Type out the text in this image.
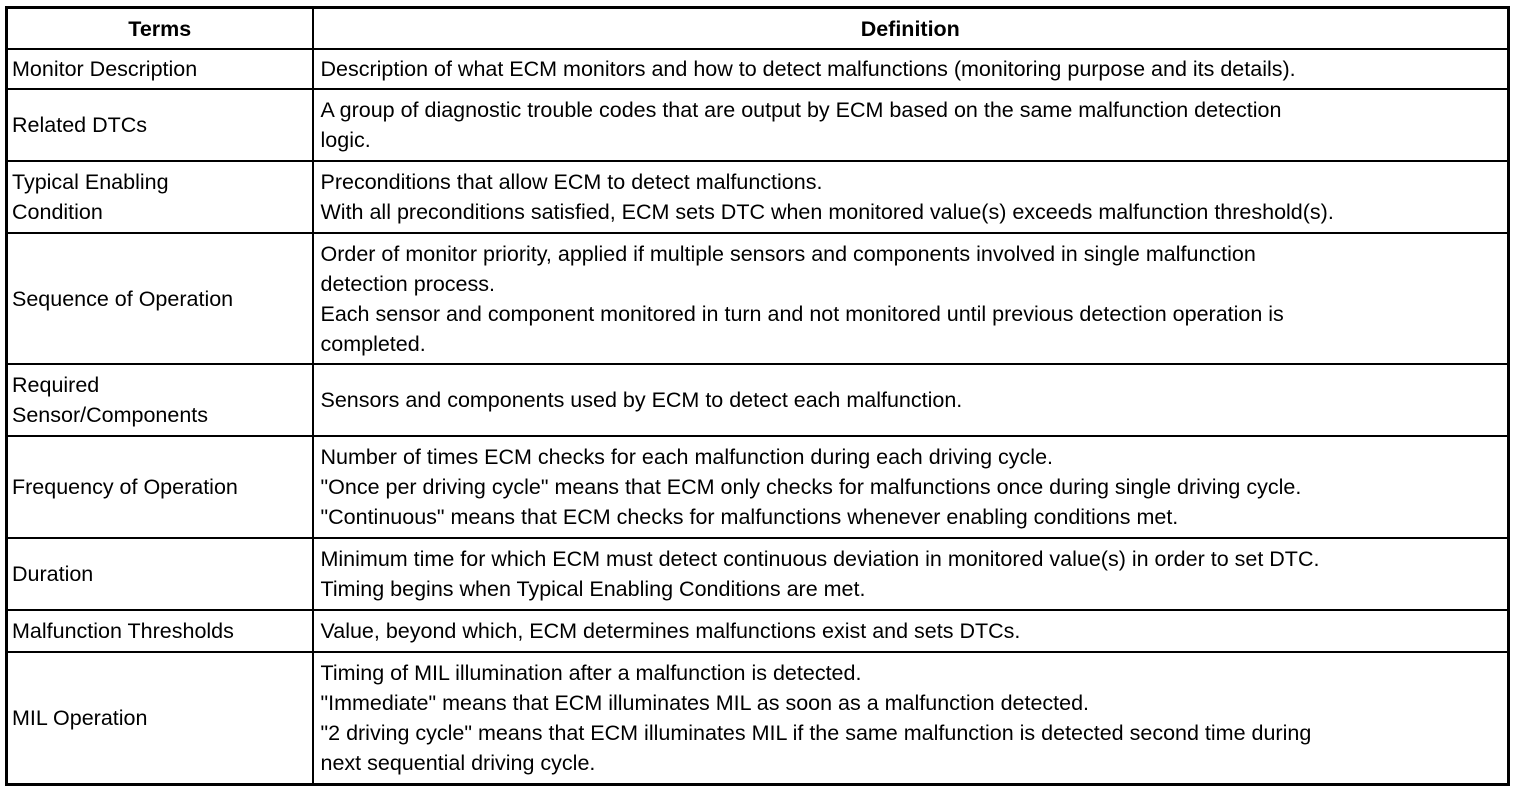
Terms	Definition

Monitor Description	Description of what ECM monitors and how to detect malfunctions (monitoring purpose and its details).

Related DTCs	A group of diagnostic trouble codes that are output by ECM based on the same malfunction detection
logic.

Typical Enabling
Condition	Preconditions that allow ECM to detect malfunctions.
With all preconditions satisfied, ECM sets DTC when monitored value(s) exceeds malfunction threshold(s).

Sequence of Operation	Order of monitor priority, applied if multiple sensors and components involved in single malfunction
detection process.
Each sensor and component monitored in turn and not monitored until previous detection operation is
completed.

Required
Sensor/Components	Sensors and components used by ECM to detect each malfunction.

Frequency of Operation	Number of times ECM checks for each malfunction during each driving cycle.
"Once per driving cycle" means that ECM only checks for malfunctions once during single driving cycle.
"Continuous" means that ECM checks for malfunctions whenever enabling conditions met.

Duration	Minimum time for which ECM must detect continuous deviation in monitored value(s) in order to set DTC.
Timing begins when Typical Enabling Conditions are met.

Malfunction Thresholds	Value, beyond which, ECM determines malfunctions exist and sets DTCs.

MIL Operation	Timing of MIL illumination after a malfunction is detected.
"Immediate" means that ECM illuminates MIL as soon as a malfunction detected.
"2 driving cycle" means that ECM illuminates MIL if the same malfunction is detected second time during
next sequential driving cycle.
